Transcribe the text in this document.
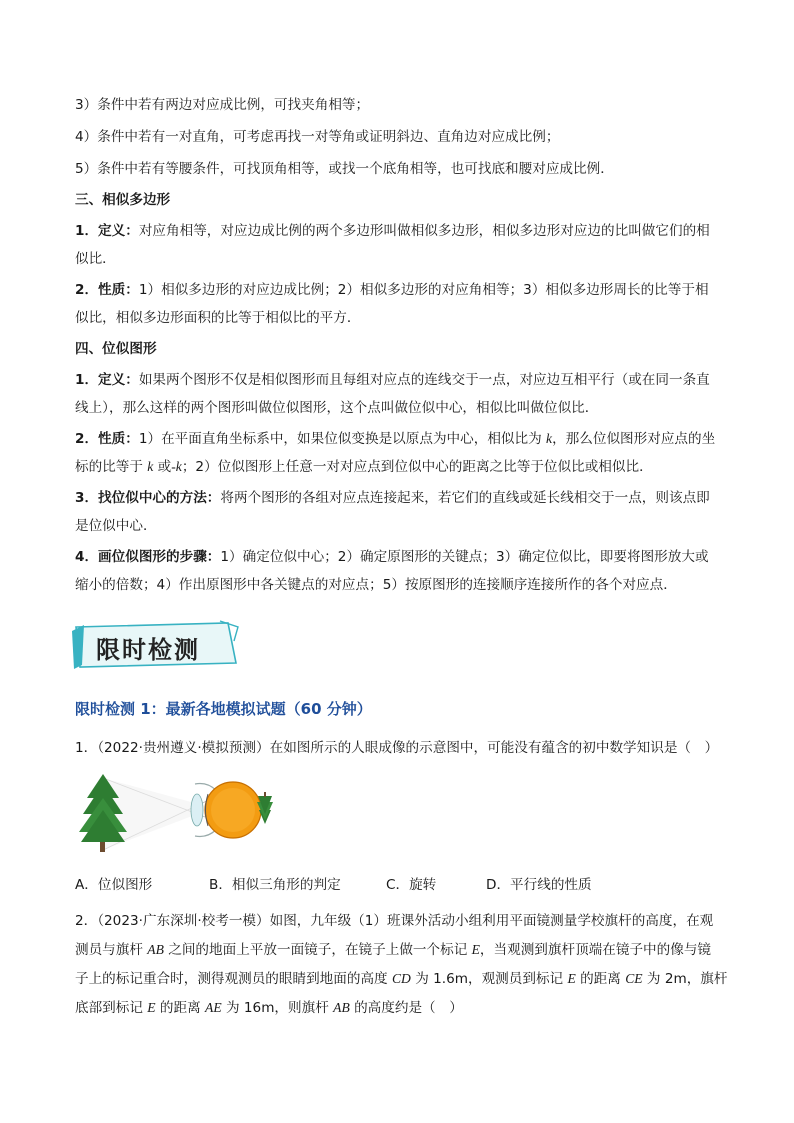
3）条件中若有两边对应成比例，可找夹角相等；
4）条件中若有一对直角，可考虑再找一对等角或证明斜边、直角边对应成比例；
5）条件中若有等腰条件，可找顶角相等，或找一个底角相等，也可找底和腰对应成比例．
三、相似多边形
1．定义：对应角相等，对应边成比例的两个多边形叫做相似多边形，相似多边形对应边的比叫做它们的相
似比．
2．性质：1）相似多边形的对应边成比例；2）相似多边形的对应角相等；3）相似多边形周长的比等于相
似比，相似多边形面积的比等于相似比的平方．
四、位似图形
1．定义：如果两个图形不仅是相似图形而且每组对应点的连线交于一点，对应边互相平行（或在同一条直
线上），那么这样的两个图形叫做位似图形，这个点叫做位似中心，相似比叫做位似比．
2．性质：1）在平面直角坐标系中，如果位似变换是以原点为中心，相似比为 k，那么位似图形对应点的坐
标的比等于 k 或-k；2）位似图形上任意一对对应点到位似中心的距离之比等于位似比或相似比．
3．找位似中心的方法：将两个图形的各组对应点连接起来，若它们的直线或延长线相交于一点，则该点即
是位似中心．
4．画位似图形的步骤：1）确定位似中心；2）确定原图形的关键点；3）确定位似比，即要将图形放大或
缩小的倍数；4）作出原图形中各关键点的对应点；5）按原图形的连接顺序连接所作的各个对应点．
限时检测
限时检测 1：最新各地模拟试题（60 分钟）
1．（2022·贵州遵义·模拟预测）在如图所示的人眼成像的示意图中，可能没有蕴含的初中数学知识是（　）
A．位似图形	B．相似三角形的判定	C．旋转	D．平行线的性质
2．（2023·广东深圳·校考一模）如图，九年级（1）班课外活动小组利用平面镜测量学校旗杆的高度，在观
测员与旗杆 AB 之间的地面上平放一面镜子，在镜子上做一个标记 E，当观测到旗杆顶端在镜子中的像与镜
子上的标记重合时，测得观测员的眼睛到地面的高度 CD 为 1.6m，观测员到标记 E 的距离 CE 为 2m，旗杆
底部到标记 E 的距离 AE 为 16m，则旗杆 AB 的高度约是（　）
